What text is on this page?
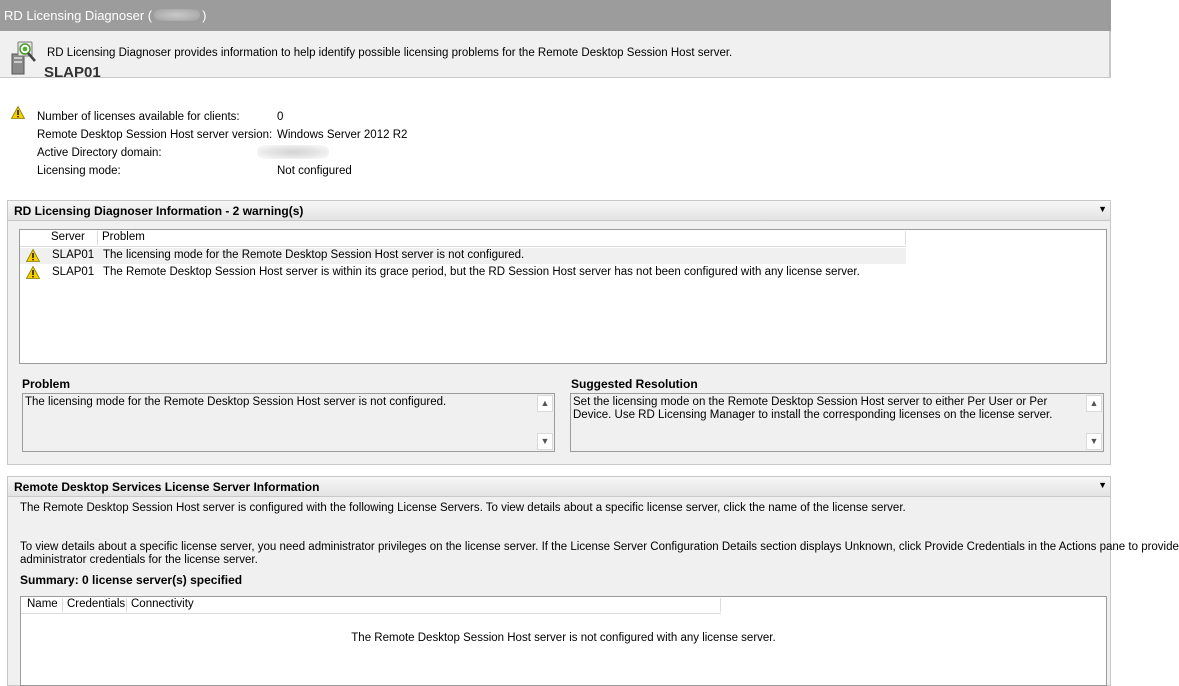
RD Licensing Diagnoser (	)
RD Licensing Diagnoser provides information to help identify possible licensing problems for the Remote Desktop Session Host server.
SLAP01
Number of licenses available for clients:	0
Remote Desktop Session Host server version: Windows Server 2012 R2
Active Directory domain:
Licensing mode:	Not configured
RD Licensing Diagnoser Information - 2 warning(s)	▼
Server	Problem
SLAP01 The licensing mode for the Remote Desktop Session Host server is not configured.
SLAP01 The Remote Desktop Session Host server is within its grace period, but the RD Session Host server has not been configured with any license server.
Problem
The licensing mode for the Remote Desktop Session Host server is not configured.	▲
▼
Suggested Resolution
Set the licensing mode on the Remote Desktop Session Host server to either Per User or Per Device. Use RD Licensing Manager to install the corresponding licenses on the license server.
▲
▼
Remote Desktop Services License Server Information	▼
The Remote Desktop Session Host server is configured with the following License Servers. To view details about a specific license server, click the name of the license server.
To view details about a specific license server, you need administrator privileges on the license server. If the License Server Configuration Details section displays Unknown, click Provide Credentials in the Actions pane to provide
administrator credentials for the license server.
Summary: 0 license server(s) specified
Name Credentials Connectivity
The Remote Desktop Session Host server is not configured with any license server.
